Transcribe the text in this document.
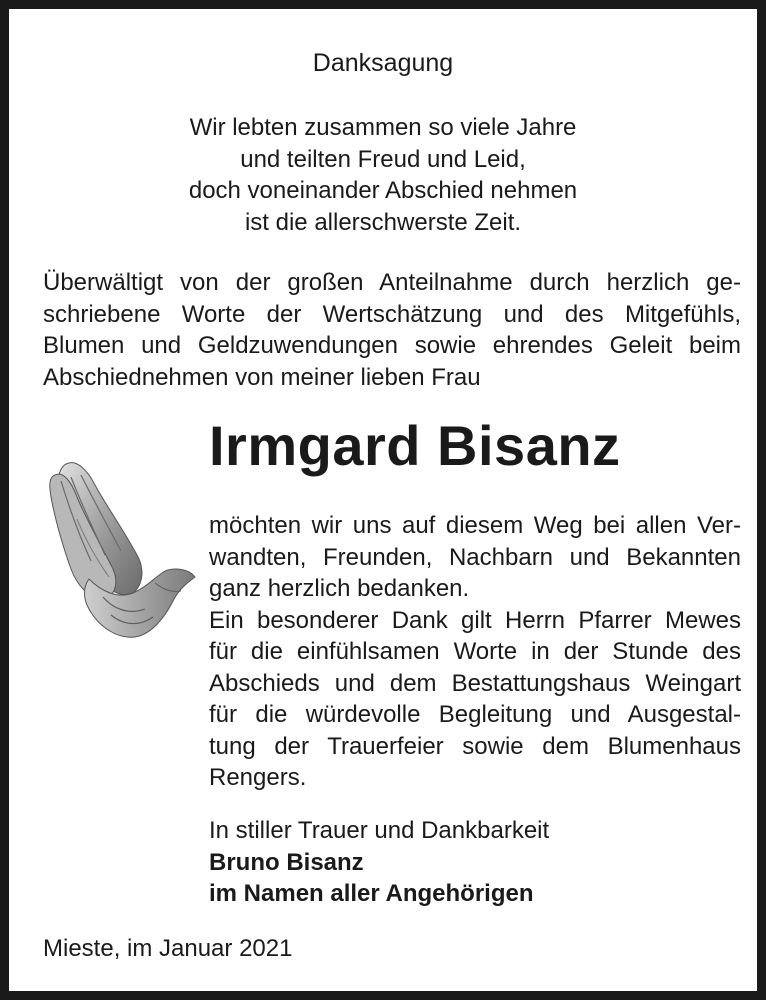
Danksagung
Wir lebten zusammen so viele Jahre
und teilten Freud und Leid,
doch voneinander Abschied nehmen
ist die allerschwerste Zeit.
Überwältigt von der großen Anteilnahme durch herzlich ge-
schriebene Worte der Wertschätzung und des Mitgefühls,
Blumen und Geldzuwendungen sowie ehrendes Geleit beim
Abschiednehmen von meiner lieben Frau
Irmgard Bisanz
möchten wir uns auf diesem Weg bei allen Ver-
wandten, Freunden, Nachbarn und Bekannten
ganz herzlich bedanken.
Ein besonderer Dank gilt Herrn Pfarrer Mewes
für die einfühlsamen Worte in der Stunde des
Abschieds und dem Bestattungshaus Weingart
für die würdevolle Begleitung und Ausgestal-
tung der Trauerfeier sowie dem Blumenhaus
Rengers.
In stiller Trauer und Dankbarkeit
Bruno Bisanz
im Namen aller Angehörigen
Mieste, im Januar 2021
